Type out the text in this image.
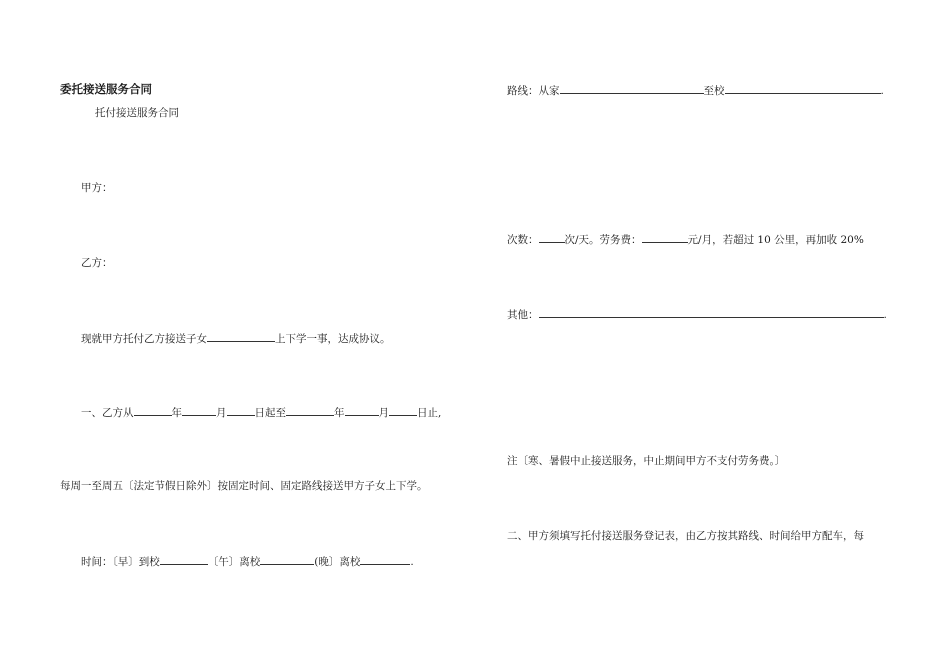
委托接送服务合同
托付接送服务合同
甲方：
乙方：
现就甲方托付乙方接送子女	上下学一事，达成协议。
一、乙方从	年	月	日起至	年	月	日止,
每周一至周五〔法定节假日除外〕按固定时间、固定路线接送甲方子女上下学。
时间：〔早〕到校	〔午〕离校	(晚〕离校	.
路线：从家	至校	.
次数： 次/天。劳务费：	元/月，若超过 10 公里，再加收 20%
其他：	.
注〔寒、暑假中止接送服务，中止期间甲方不支付劳务费。〕
二、甲方须填写托付接送服务登记表，由乙方按其路线、时间给甲方配车，每
